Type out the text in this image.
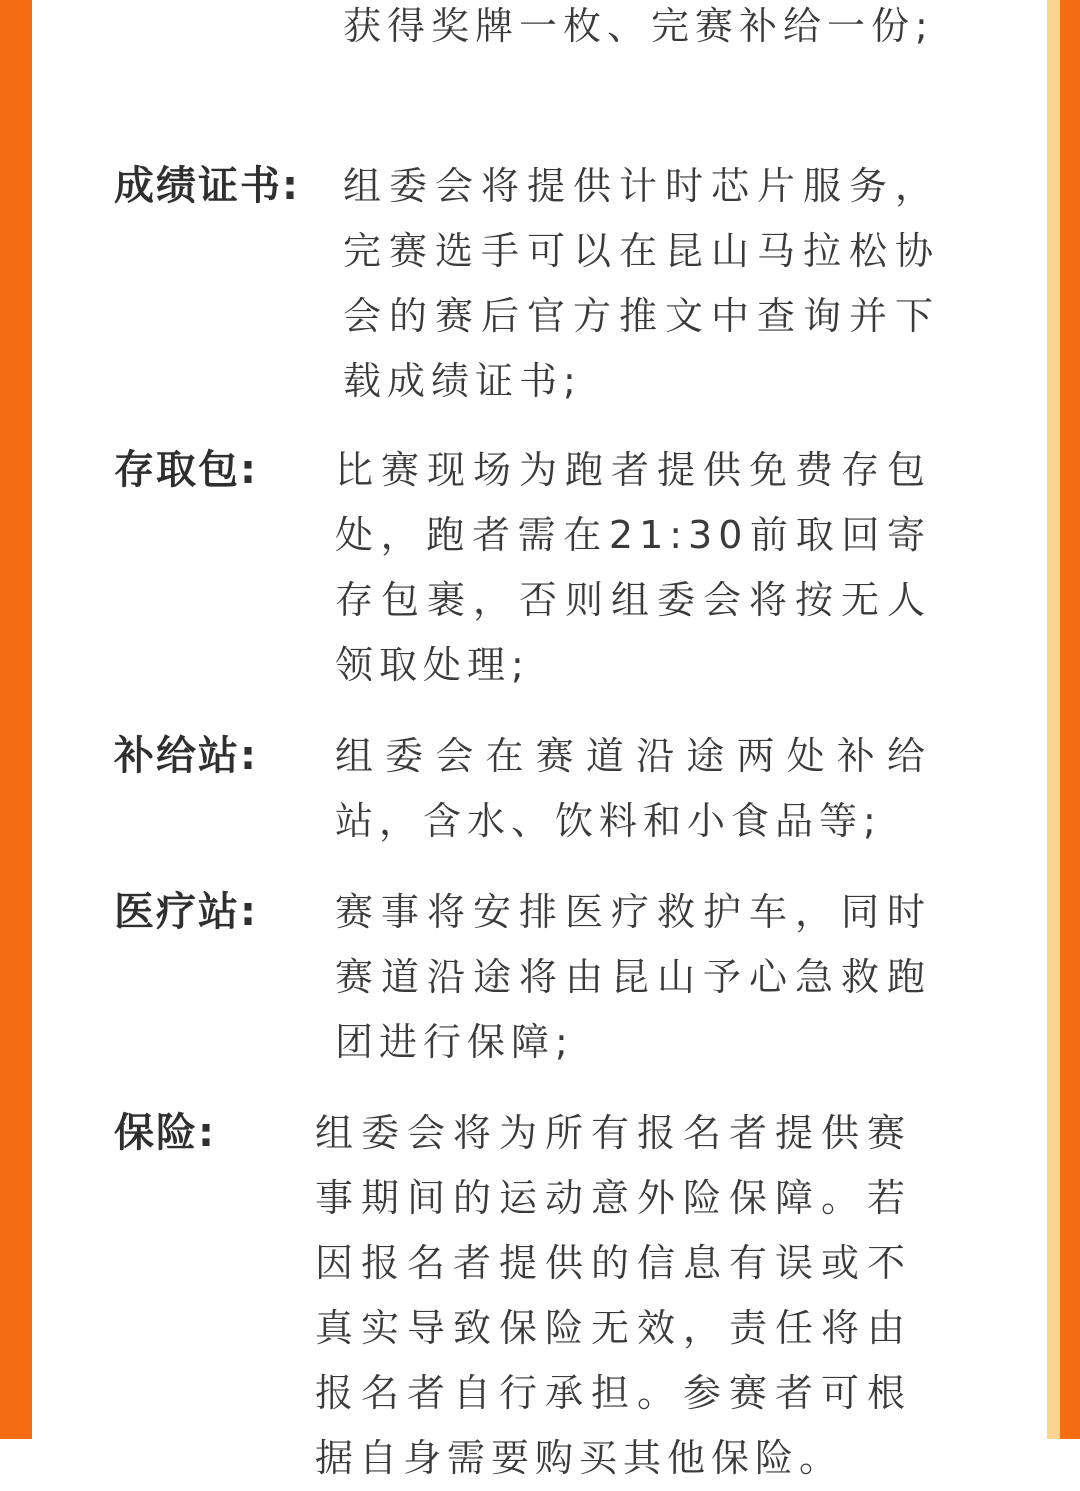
获得奖牌一枚、完赛补给一份;

成绩证书: 组委会将提供计时芯片服务，完赛选手可以在昆山马拉松协会的赛后官方推文中查询并下载成绩证书;

存取包: 比赛现场为跑者提供免费存包处，跑者需在21:30前取回寄存包裹，否则组委会将按无人领取处理;

补给站: 组委会在赛道沿途两处补给站，含水、饮料和小食品等;

医疗站: 赛事将安排医疗救护车，同时赛道沿途将由昆山予心急救跑团进行保障;

保险:	组委会将为所有报名者提供赛事期间的运动意外险保障。若因报名者提供的信息有误或不真实导致保险无效，责任将由报名者自行承担。参赛者可根据自身需要购买其他保险。
